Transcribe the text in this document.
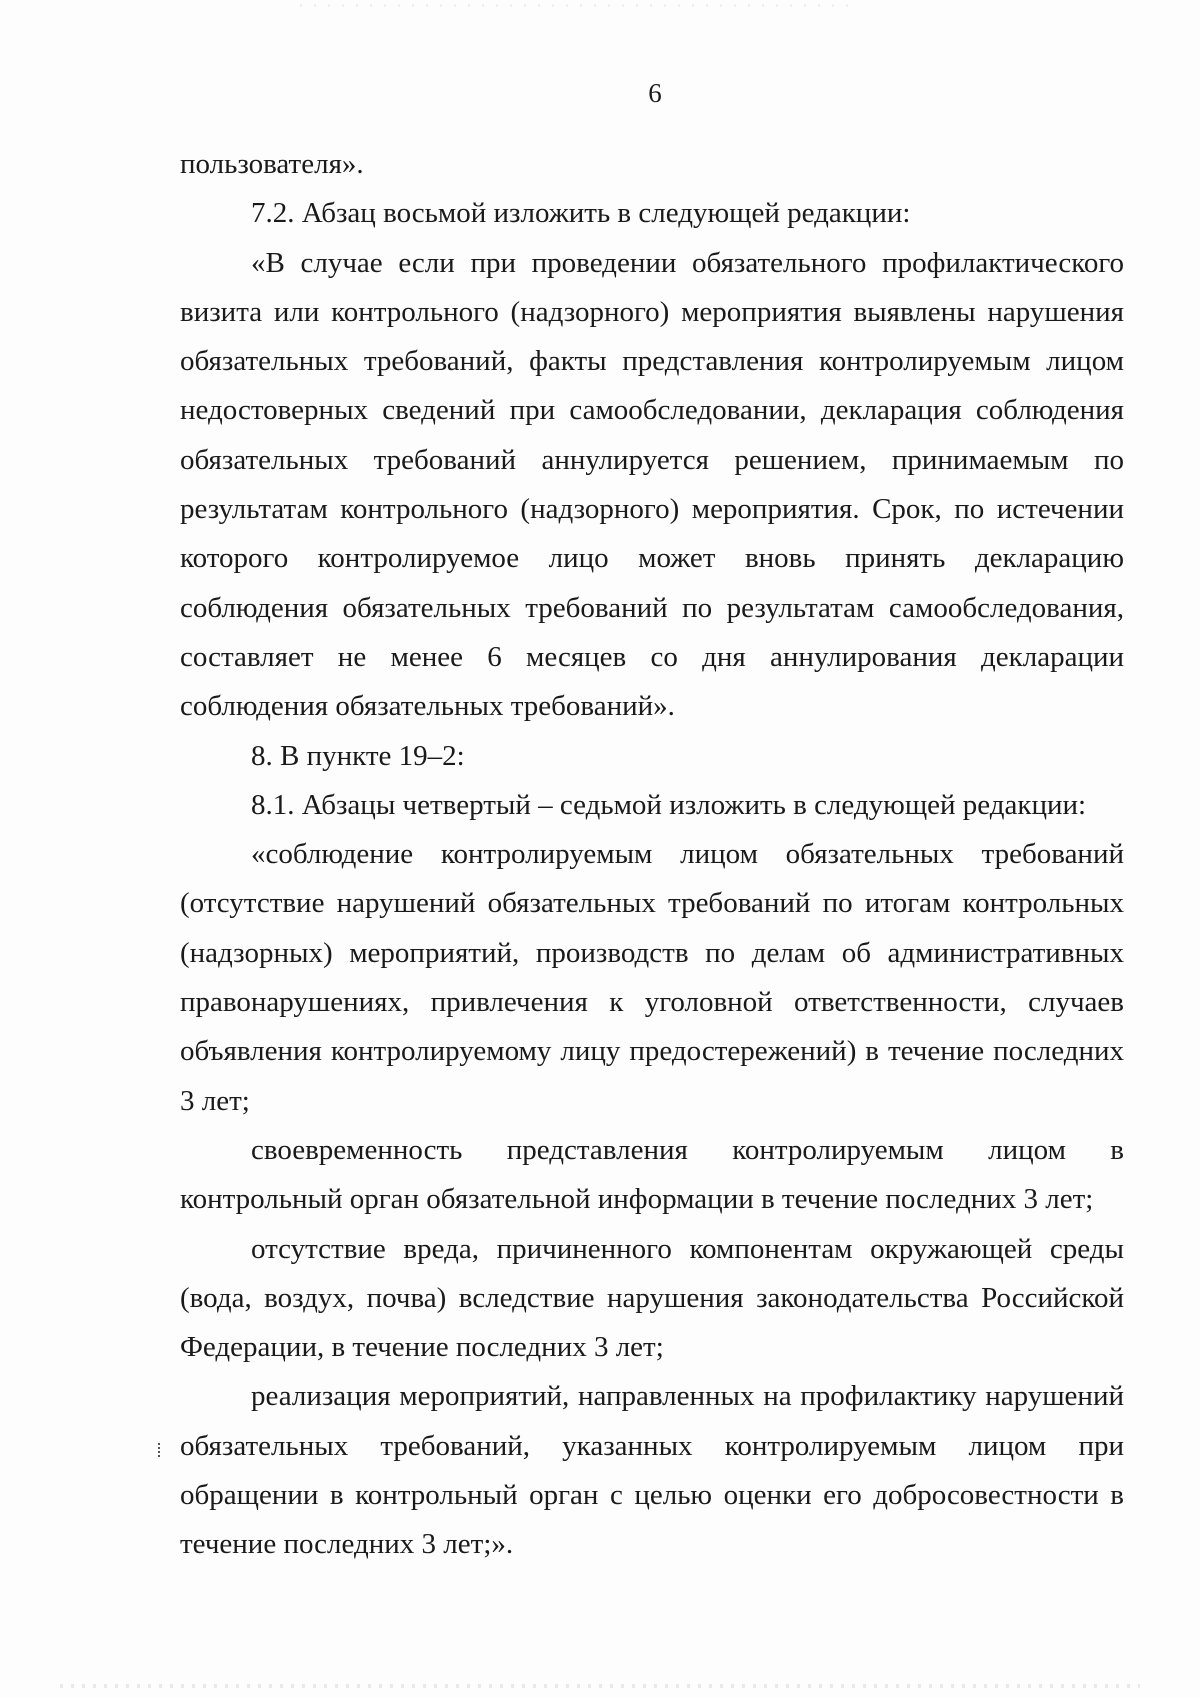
6

пользователя».

7.2. Абзац восьмой изложить в следующей редакции:

«В случае если при проведении обязательного профилактического визита или контрольного (надзорного) мероприятия выявлены нарушения обязательных требований, факты представления контролируемым лицом недостоверных сведений при самообследовании, декларация соблюдения обязательных требований аннулируется решением, принимаемым по результатам контрольного (надзорного) мероприятия. Срок, по истечении которого контролируемое лицо может вновь принять декларацию соблюдения обязательных требований по результатам самообследования, составляет не менее 6 месяцев со дня аннулирования декларации соблюдения обязательных требований».

8. В пункте 19–2:

8.1. Абзацы четвертый – седьмой изложить в следующей редакции:

«соблюдение контролируемым лицом обязательных требований (отсутствие нарушений обязательных требований по итогам контрольных (надзорных) мероприятий, производств по делам об административных правонарушениях, привлечения к уголовной ответственности, случаев объявления контролируемому лицу предостережений) в течение последних 3 лет;

своевременность представления контролируемым лицом в контрольный орган обязательной информации в течение последних 3 лет;

отсутствие вреда, причиненного компонентам окружающей среды (вода, воздух, почва) вследствие нарушения законодательства Российской Федерации, в течение последних 3 лет;

реализация мероприятий, направленных на профилактику нарушений обязательных требований, указанных контролируемым лицом при обращении в контрольный орган с целью оценки его добросовестности в течение последних 3 лет;».
